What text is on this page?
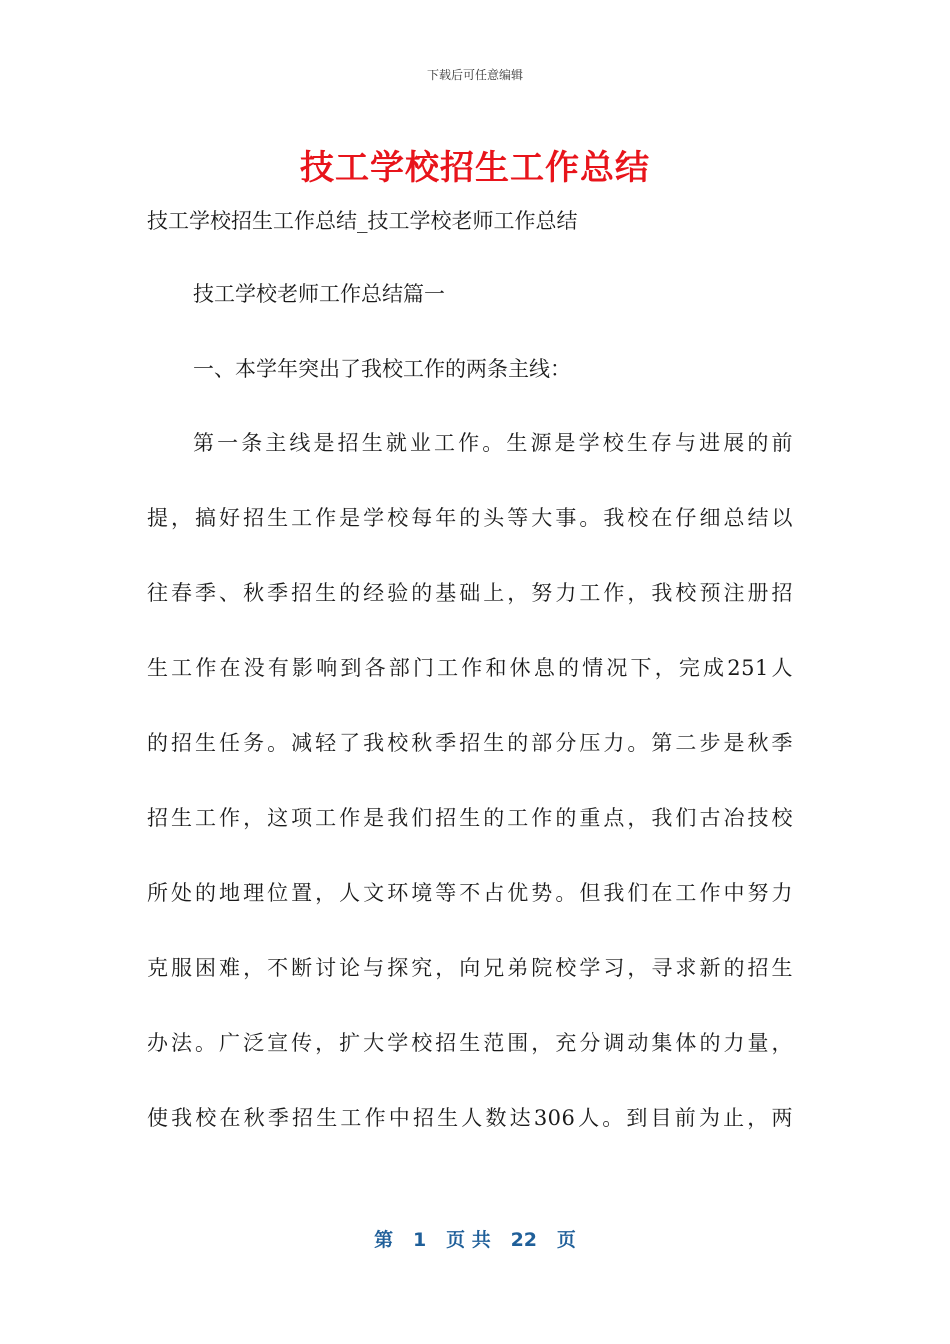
下载后可任意编辑
技工学校招生工作总结

技工学校招生工作总结_技工学校老师工作总结

技工学校老师工作总结篇一

一、本学年突出了我校工作的两条主线：

第一条主线是招生就业工作。生源是学校生存与进展的前

提，搞好招生工作是学校每年的头等大事。我校在仔细总结以

往春季、秋季招生的经验的基础上，努力工作，我校预注册招

生工作在没有影响到各部门工作和休息的情况下，完成251人

的招生任务。减轻了我校秋季招生的部分压力。第二步是秋季

招生工作，这项工作是我们招生的工作的重点，我们古冶技校

所处的地理位置，人文环境等不占优势。但我们在工作中努力

克服困难，不断讨论与探究，向兄弟院校学习，寻求新的招生

办法。广泛宣传，扩大学校招生范围，充分调动集体的力量，

使我校在秋季招生工作中招生人数达306人。到目前为止，两

第 1 页 共 22 页
